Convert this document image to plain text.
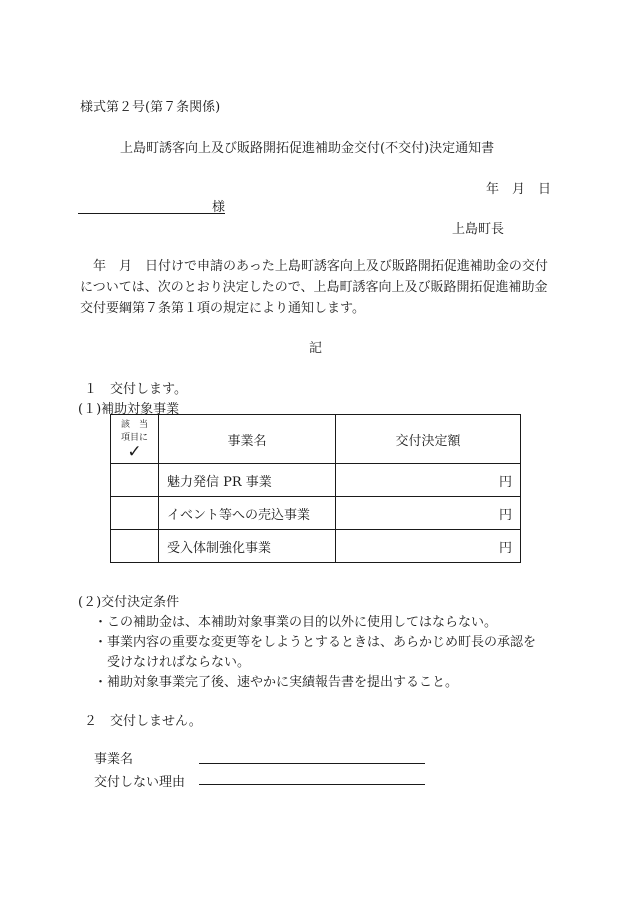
様式第２号(第７条関係)
上島町誘客向上及び販路開拓促進補助金交付(不交付)決定通知書
年　月　日
様
上島町長
年　月　日付けで申請のあった上島町誘客向上及び販路開拓促進補助金の交付については、次のとおり決定したので、上島町誘客向上及び販路開拓促進補助金交付要綱第７条第１項の規定により通知します。
記
１　交付します。
(１)補助対象事業
該　当
項目に
✓	事業名	交付決定額
	魅力発信 PR 事業	円
	イベント等への売込事業	円
	受入体制強化事業	円
(２)交付決定条件
・この補助金は、本補助対象事業の目的以外に使用してはならない。
・事業内容の重要な変更等をしようとするときは、あらかじめ町長の承認を
受けなければならない。
・補助対象事業完了後、速やかに実績報告書を提出すること。
２　交付しません。
事業名
交付しない理由
